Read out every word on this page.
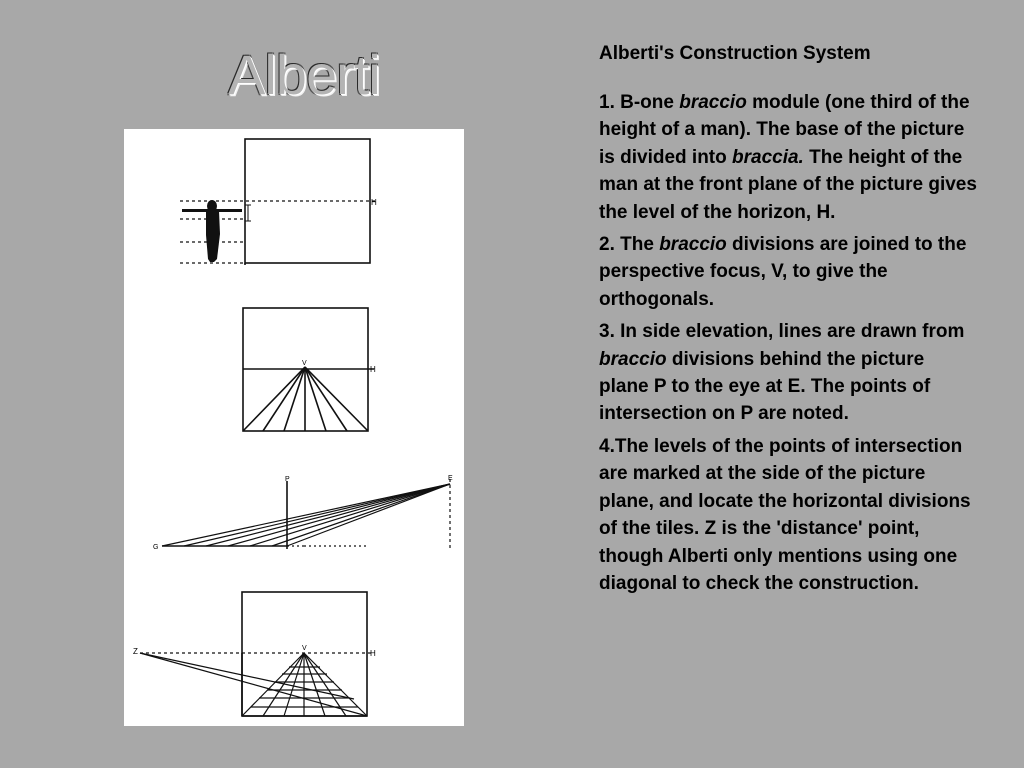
Alberti
H
V
H
P	E
G
V
H
Z

Alberti's Construction System

1. B-one braccio module (one third of the height of a man). The base of the picture is divided into braccia. The height of the man at the front plane of the picture gives the level of the horizon, H.

2. The braccio divisions are joined to the perspective focus, V, to give the orthogonals.

3. In side elevation, lines are drawn from braccio divisions behind the picture plane P to the eye at E. The points of intersection on P are noted.

4.The levels of the points of intersection are marked at the side of the picture plane, and locate the horizontal divisions of the tiles. Z is the 'distance' point, though Alberti only mentions using one diagonal to check the construction.
